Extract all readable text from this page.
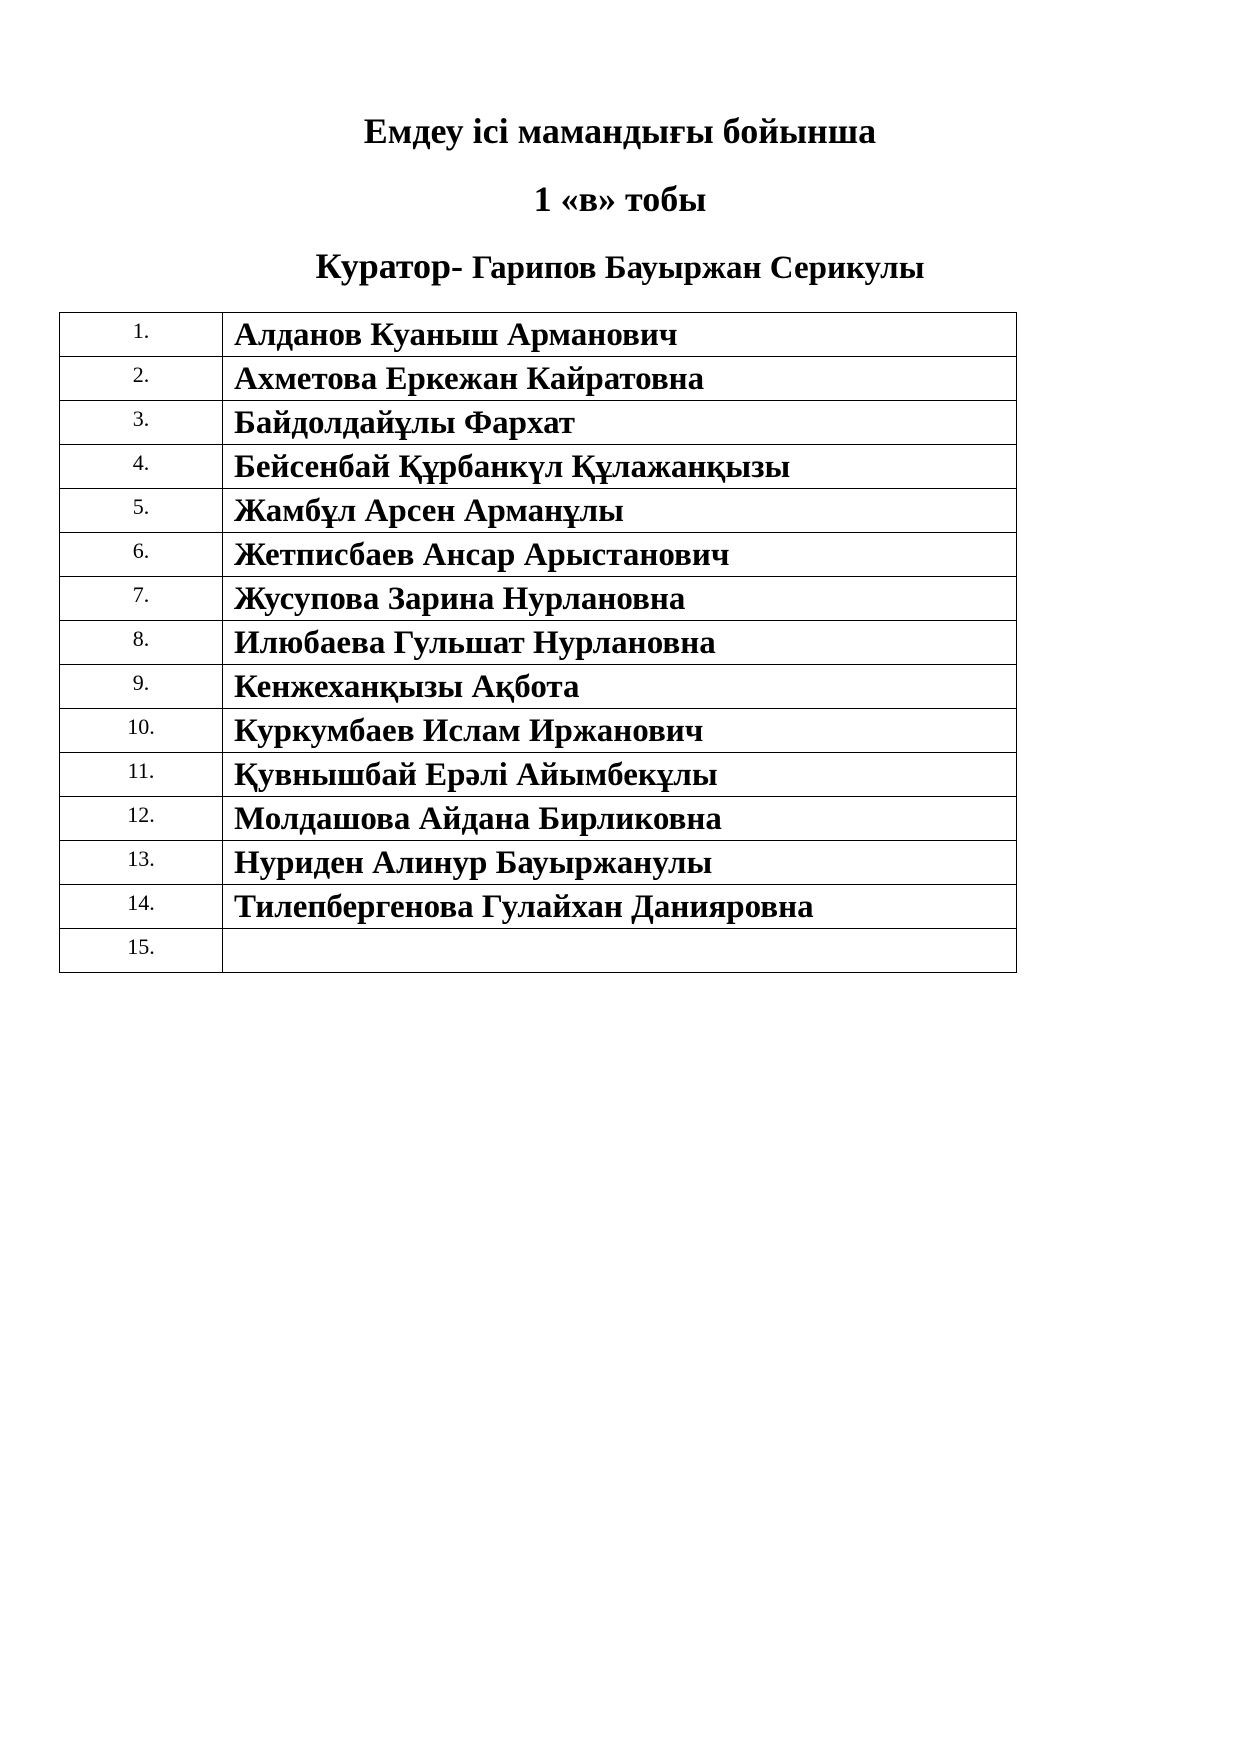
Емдеу ісі мамандығы бойынша
1 «в» тобы
Куратор- Гарипов Бауыржан Серикулы
1.	Алданов Куаныш Арманович
2.	Ахметова Еркежан Кайратовна
3.	Байдолдайұлы Фархат
4.	Бейсенбай Құрбанкүл Құлажанқызы
5.	Жамбұл Арсен Арманұлы
6.	Жетписбаев Ансар Арыстанович
7.	Жусупова Зарина Нурлановна
8.	Илюбаева Гульшат Нурлановна
9.	Кенжеханқызы Ақбота
10.	Куркумбаев Ислам Иржанович
11.	Қувнышбай Ерәлі Айымбекұлы
12.	Молдашова Айдана Бирликовна
13.	Нуриден Алинур Бауыржанулы
14.	Тилепбергенова Гулайхан Данияровна
15.	
